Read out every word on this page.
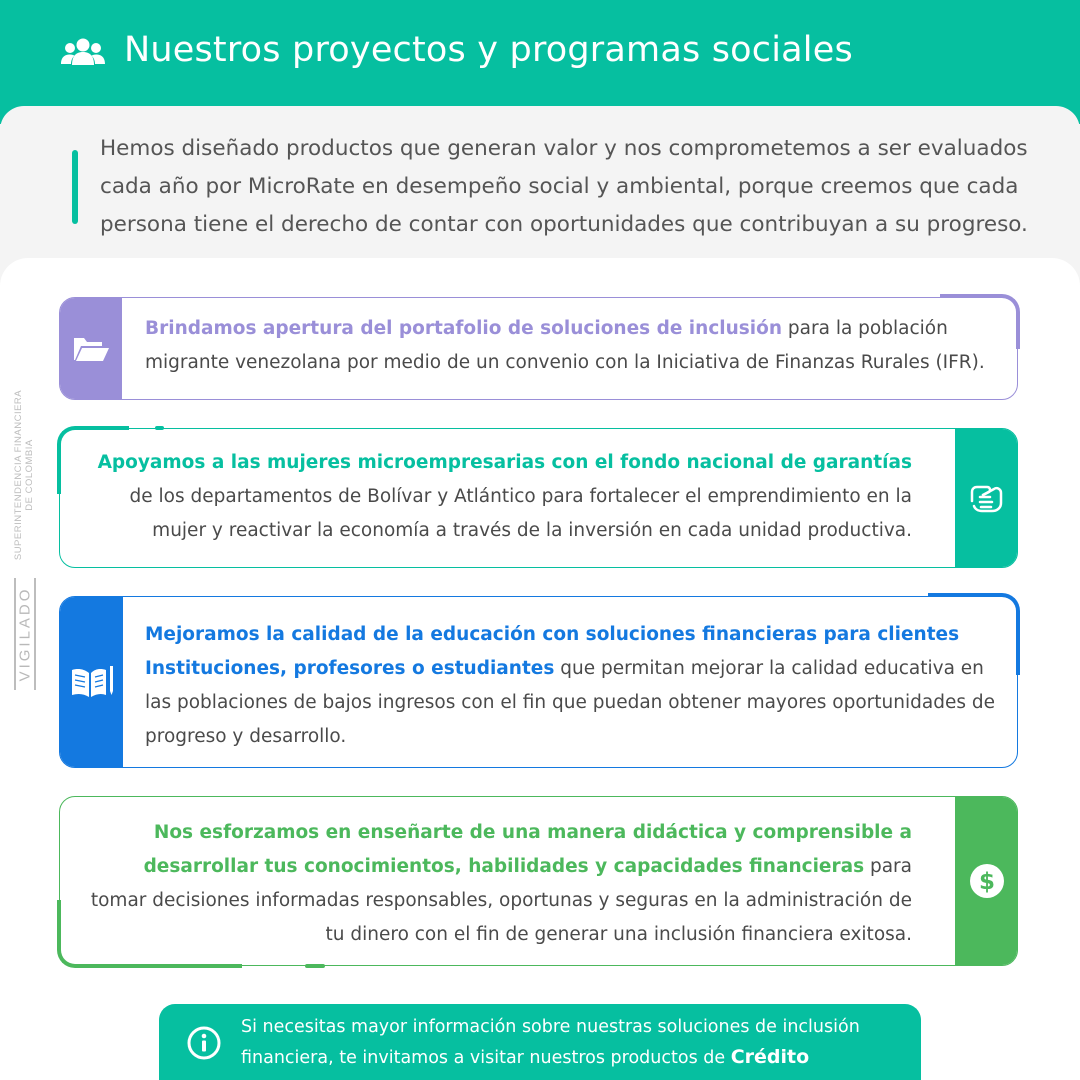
Nuestros proyectos y programas sociales

Hemos diseñado productos que generan valor y nos comprometemos a ser evaluados cada año por MicroRate en desempeño social y ambiental, porque creemos que cada persona tiene el derecho de contar con oportunidades que contribuyan a su progreso.

SUPERINTENDENCIA FINANCIERA DE COLOMBIA
VIGILADO

Brindamos apertura del portafolio de soluciones de inclusión para la población migrante venezolana por medio de un convenio con la Iniciativa de Finanzas Rurales (IFR).

Apoyamos a las mujeres microempresarias con el fondo nacional de garantías de los departamentos de Bolívar y Atlántico para fortalecer el emprendimiento en la mujer y reactivar la economía a través de la inversión en cada unidad productiva.

Mejoramos la calidad de la educación con soluciones financieras para clientes Instituciones, profesores o estudiantes que permitan mejorar la calidad educativa en las poblaciones de bajos ingresos con el fin que puedan obtener mayores oportunidades de progreso y desarrollo.

$

Nos esforzamos en enseñarte de una manera didáctica y comprensible a desarrollar tus conocimientos, habilidades y capacidades financieras para tomar decisiones informadas responsables, oportunas y seguras en la administración de tu dinero con el fin de generar una inclusión financiera exitosa.

Si necesitas mayor información sobre nuestras soluciones de inclusión financiera, te invitamos a visitar nuestros productos de Crédito
